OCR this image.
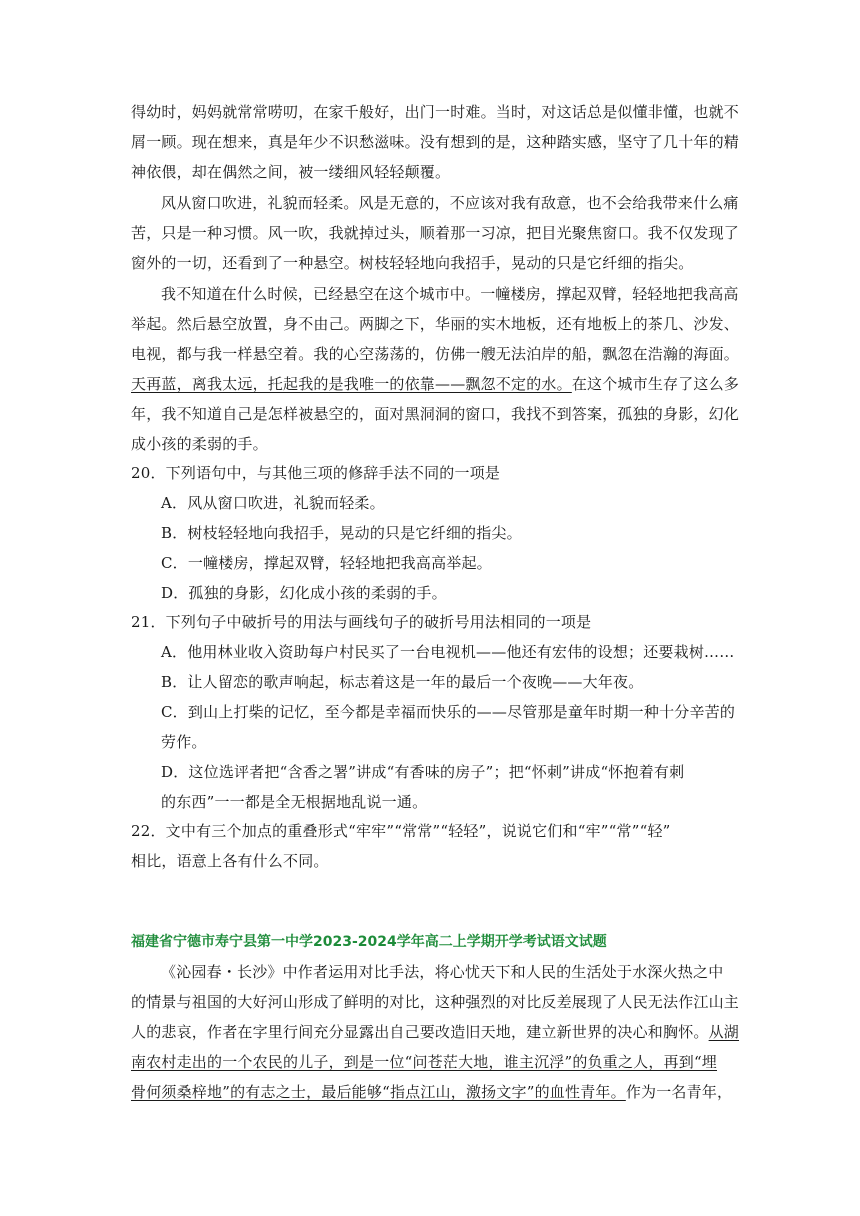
得幼时，妈妈就常常唠叨，在家千般好，出门一时难。当时，对这话总是似懂非懂，也就不
屑一顾。现在想来，真是年少不识愁滋味。没有想到的是，这种踏实感，坚守了几十年的精
神依偎，却在偶然之间，被一缕细风轻轻颠覆。
风从窗口吹进，礼貌而轻柔。风是无意的，不应该对我有敌意，也不会给我带来什么痛
苦，只是一种习惯。风一吹，我就掉过头，顺着那一习凉，把目光聚焦窗口。我不仅发现了
窗外的一切，还看到了一种悬空。树枝轻轻地向我招手，晃动的只是它纤细的指尖。
我不知道在什么时候，已经悬空在这个城市中。一幢楼房，撑起双臂，轻轻地把我高高
举起。然后悬空放置，身不由己。两脚之下，华丽的实木地板，还有地板上的茶几、沙发、
电视，都与我一样悬空着。我的心空荡荡的，仿佛一艘无法泊岸的船，飘忽在浩瀚的海面。
天再蓝，离我太远，托起我的是我唯一的依靠——飘忽不定的水。在这个城市生存了这么多
年，我不知道自己是怎样被悬空的，面对黑洞洞的窗口，我找不到答案，孤独的身影，幻化
成小孩的柔弱的手。
20．下列语句中，与其他三项的修辞手法不同的一项是
A．风从窗口吹进，礼貌而轻柔。
B．树枝轻轻地向我招手，晃动的只是它纤细的指尖。
C．一幢楼房，撑起双臂，轻轻地把我高高举起。
D．孤独的身影，幻化成小孩的柔弱的手。
21．下列句子中破折号的用法与画线句子的破折号用法相同的一项是
A．他用林业收入资助每户村民买了一台电视机——他还有宏伟的设想；还要栽树……
B．让人留恋的歌声响起，标志着这是一年的最后一个夜晚——大年夜。
C．到山上打柴的记忆，至今都是幸福而快乐的——尽管那是童年时期一种十分辛苦的
劳作。
D．这位选评者把“含香之署”讲成“有香味的房子”；把“怀刺”讲成“怀抱着有刺
的东西”一一都是全无根据地乱说一通。
22．文中有三个加点的重叠形式“牢牢”“常常”“轻轻”，说说它们和“牢”“常”“轻”
相比，语意上各有什么不同。
福建省宁德市寿宁县第一中学2023-2024学年高二上学期开学考试语文试题
《沁园春・长沙》中作者运用对比手法，将心忧天下和人民的生活处于水深火热之中
的情景与祖国的大好河山形成了鲜明的对比，这种强烈的对比反差展现了人民无法作江山主
人的悲哀，作者在字里行间充分显露出自己要改造旧天地，建立新世界的决心和胸怀。从湖
南农村走出的一个农民的儿子，到是一位“问苍茫大地，谁主沉浮”的负重之人，再到“埋
骨何须桑梓地”的有志之士，最后能够“指点江山，激扬文字”的血性青年。作为一名青年，
